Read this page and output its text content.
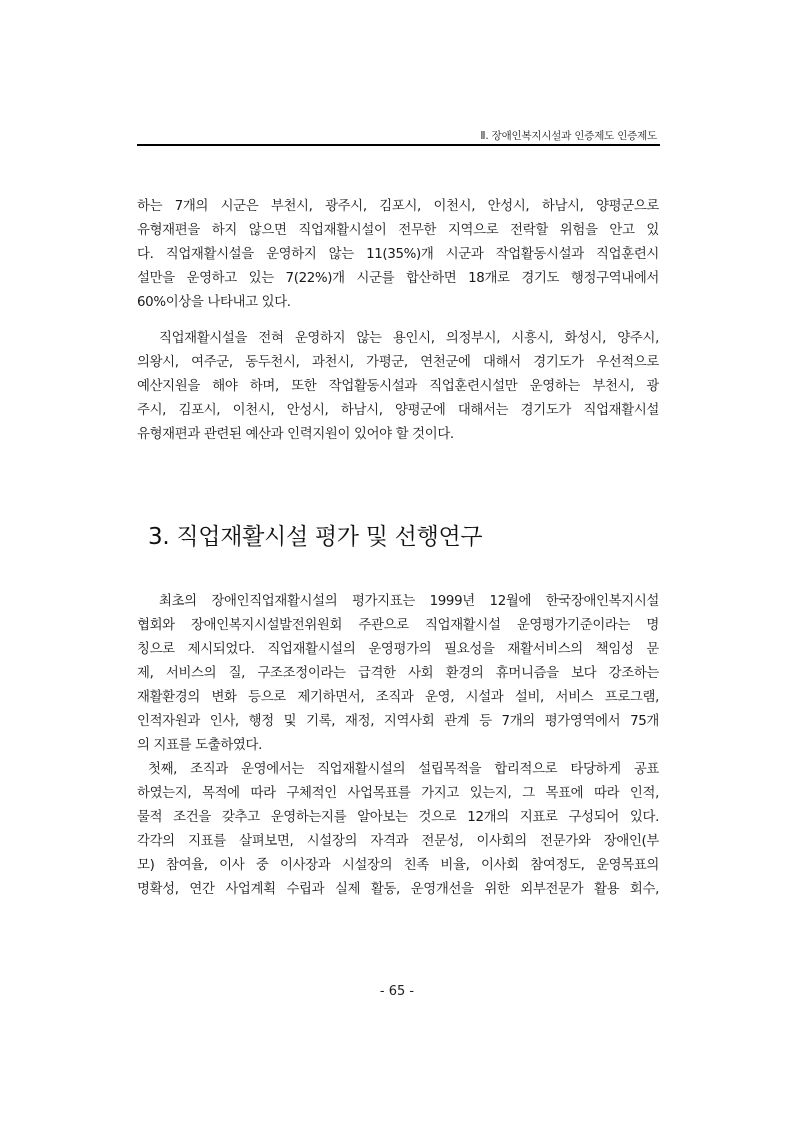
Ⅱ. 장애인복지시설과 인증제도 인증제도
하는 7개의 시군은 부천시, 광주시, 김포시, 이천시, 안성시, 하남시, 양평군으로
유형재편을 하지 않으면 직업재활시설이 전무한 지역으로 전락할 위험을 안고 있
다. 직업재활시설을 운영하지 않는 11(35%)개 시군과 작업활동시설과 직업훈련시
설만을 운영하고 있는 7(22%)개 시군를 합산하면 18개로 경기도 행정구역내에서
60%이상을 나타내고 있다.
직업재활시설을 전혀 운영하지 않는 용인시, 의정부시, 시흥시, 화성시, 양주시,
의왕시, 여주군, 동두천시, 과천시, 가평군, 연천군에 대해서 경기도가 우선적으로
예산지원을 해야 하며, 또한 작업활동시설과 직업훈련시설만 운영하는 부천시, 광
주시, 김포시, 이천시, 안성시, 하남시, 양평군에 대해서는 경기도가 직업재활시설
유형재편과 관련된 예산과 인력지원이 있어야 할 것이다.
3. 직업재활시설 평가 및 선행연구
최초의 장애인직업재활시설의 평가지표는 1999년 12월에 한국장애인복지시설
협회와 장애인복지시설발전위원회 주관으로 직업재활시설 운영평가기준이라는 명
칭으로 제시되었다. 직업재활시설의 운영평가의 필요성을 재활서비스의 책임성 문
제, 서비스의 질, 구조조정이라는 급격한 사회 환경의 휴머니즘을 보다 강조하는
재활환경의 변화 등으로 제기하면서, 조직과 운영, 시설과 설비, 서비스 프로그램,
인적자원과 인사, 행정 및 기록, 재정, 지역사회 관계 등 7개의 평가영역에서 75개
의 지표를 도출하였다.
첫째, 조직과 운영에서는 직업재활시설의 설립목적을 합리적으로 타당하게 공표
하였는지, 목적에 따라 구체적인 사업목표를 가지고 있는지, 그 목표에 따라 인적,
물적 조건을 갖추고 운영하는지를 알아보는 것으로 12개의 지표로 구성되어 있다.
각각의 지표를 살펴보면, 시설장의 자격과 전문성, 이사회의 전문가와 장애인(부
모) 참여율, 이사 중 이사장과 시설장의 친족 비율, 이사회 참여정도, 운영목표의
명확성, 연간 사업계획 수립과 실제 활동, 운영개선을 위한 외부전문가 활용 회수,
- 65 -
